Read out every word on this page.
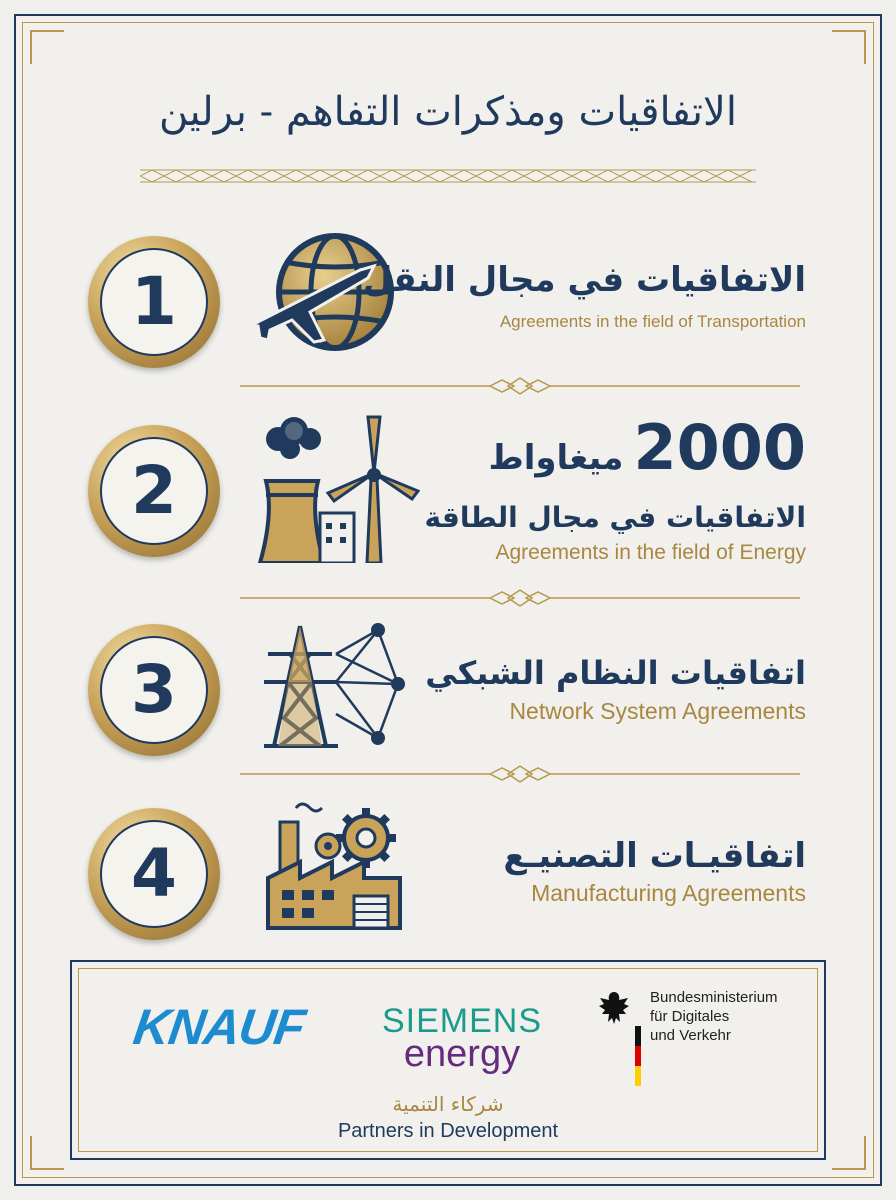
الاتفاقيات ومذكرات التفاهم - برلين
1	الاتفاقيات في مجال النقل
Agreements in the field of Transportation
2
2000ميغاواط
الاتفاقيات في مجال الطاقة
Agreements in the field of Energy
3	اتفاقيات النظام الشبكي
Network System Agreements
4	اتفاقيـات التصنيـع
Manufacturing Agreements
KNAUF	SIEMENS
energy
Bundesministerium
für Digitales
und Verkehr
شركاء التنمية
Partners in Development
